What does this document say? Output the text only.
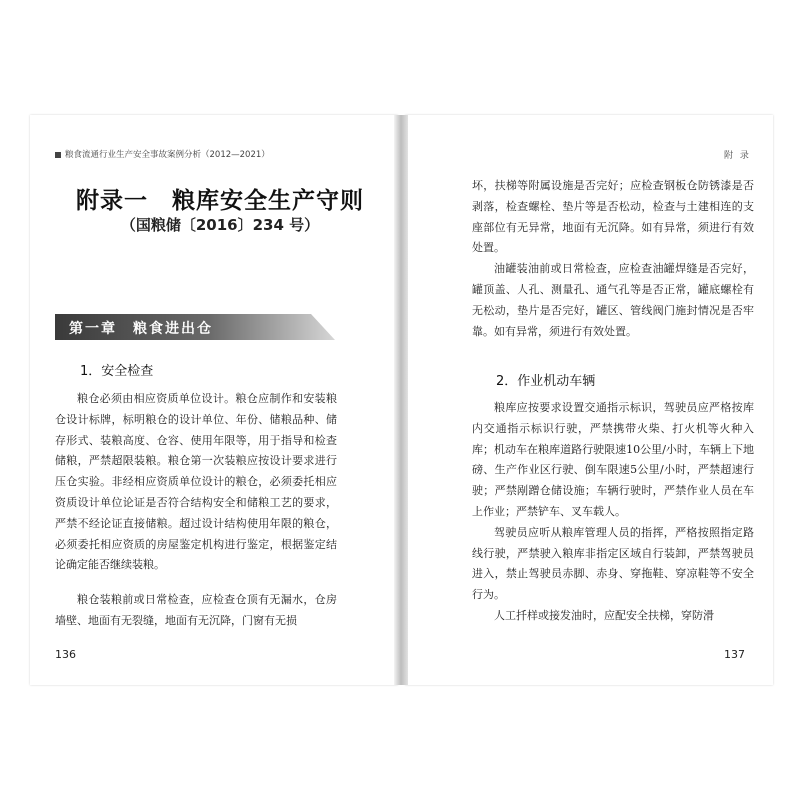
粮食流通行业生产安全事故案例分析（2012—2021）	附 录
附录一　粮库安全生产守则
（国粮储〔2016〕234 号）
第一章　粮食进出仓
1．安全检查

粮仓必须由相应资质单位设计。粮仓应制作和安装粮仓设计标牌，标明粮仓的设计单位、年份、储粮品种、储存形式、装粮高度、仓容、使用年限等，用于指导和检查储粮，严禁超限装粮。粮仓第一次装粮应按设计要求进行压仓实验。非经相应资质单位设计的粮仓，必须委托相应资质设计单位论证是否符合结构安全和储粮工艺的要求，严禁不经论证直接储粮。超过设计结构使用年限的粮仓，必须委托相应资质的房屋鉴定机构进行鉴定，根据鉴定结论确定能否继续装粮。

粮仓装粮前或日常检查，应检查仓顶有无漏水，仓房墙壁、地面有无裂缝，地面有无沉降，门窗有无损

136

坏，扶梯等附属设施是否完好；应检查钢板仓防锈漆是否剥落，检查螺栓、垫片等是否松动，检查与土建相连的支座部位有无异常，地面有无沉降。如有异常，须进行有效处置。

油罐装油前或日常检查，应检查油罐焊缝是否完好，罐顶盖、人孔、测量孔、通气孔等是否正常，罐底螺栓有无松动，垫片是否完好，罐区、管线阀门施封情况是否牢靠。如有异常，须进行有效处置。

2．作业机动车辆

粮库应按要求设置交通指示标识，驾驶员应严格按库内交通指示标识行驶，严禁携带火柴、打火机等火种入库；机动车在粮库道路行驶限速10公里/小时，车辆上下地磅、生产作业区行驶、倒车限速5公里/小时，严禁超速行驶；严禁剐蹭仓储设施；车辆行驶时，严禁作业人员在车上作业；严禁铲车、叉车载人。

驾驶员应听从粮库管理人员的指挥，严格按照指定路线行驶，严禁驶入粮库非指定区域自行装卸，严禁驾驶员进入，禁止驾驶员赤脚、赤身、穿拖鞋、穿凉鞋等不安全行为。

人工扦样或接发油时，应配安全扶梯，穿防滑

137
